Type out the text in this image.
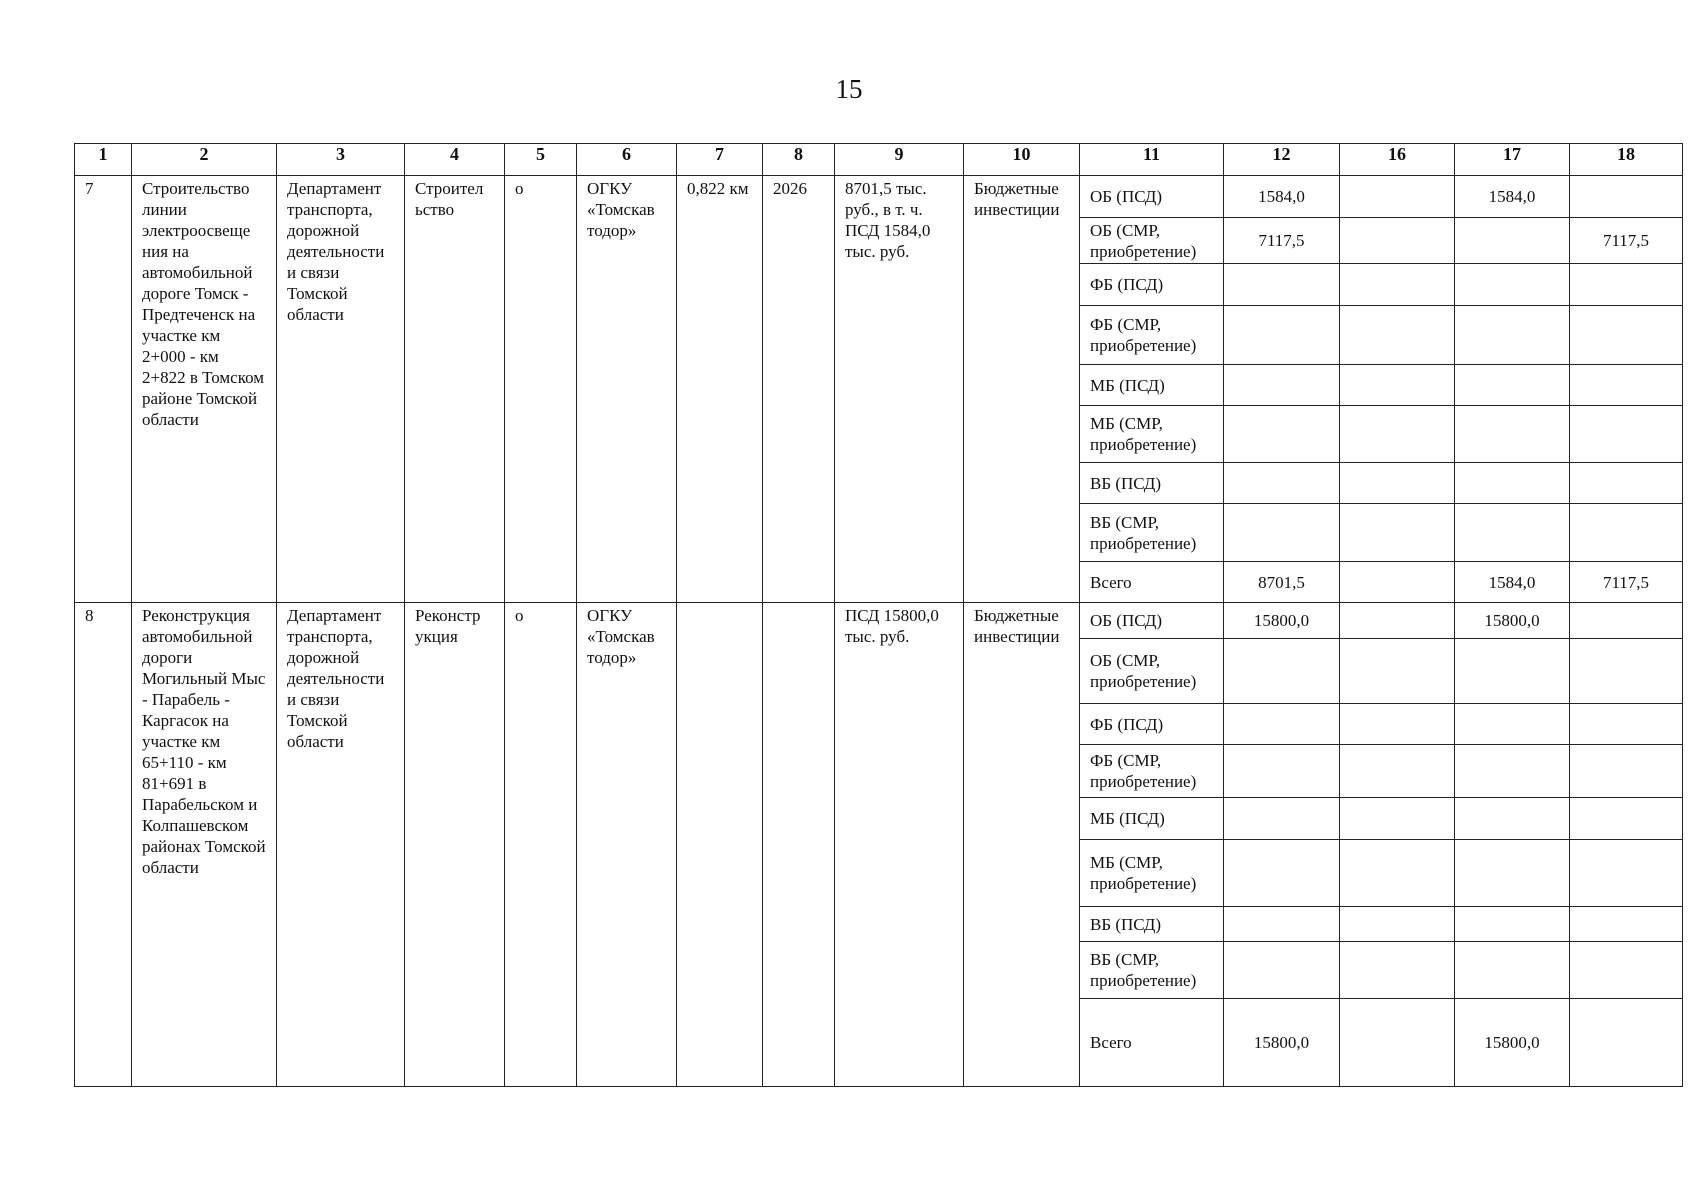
15
1	2	3	4	5	6	7	8	9	10	11	12	16	17	18
7	Строительство линии электроосвеще ния на автомобильной дороге Томск - Предтеченск на участке км 2+000 - км 2+822 в Томском районе Томской области	Департамент транспорта, дорожной деятельности и связи Томской области	Строител ьство	о	ОГКУ «Томскав тодор»	0,822 км	2026	8701,5 тыс. руб., в т. ч. ПСД 1584,0 тыс. руб.	Бюджетные инвестиции	ОБ (ПСД)	1584,0		1584,0	
										ОБ (СМР, приобретение)	7117,5			7117,5
										ФБ (ПСД)				
										ФБ (СМР, приобретение)				
										МБ (ПСД)				
										МБ (СМР, приобретение)				
										ВБ (ПСД)				
										ВБ (СМР, приобретение)				
										Всего	8701,5		1584,0	7117,5
8	Реконструкция автомобильной дороги Могильный Мыс - Парабель - Каргасок на участке км 65+110 - км 81+691 в Парабельском и Колпашевском районах Томской области	Департамент транспорта, дорожной деятельности и связи Томской области	Реконстр укция	о	ОГКУ «Томскав тодор»			ПСД 15800,0 тыс. руб.	Бюджетные инвестиции	ОБ (ПСД)	15800,0		15800,0	
										ОБ (СМР, приобретение)				
										ФБ (ПСД)				
										ФБ (СМР, приобретение)				
										МБ (ПСД)				
										МБ (СМР, приобретение)				
										ВБ (ПСД)				
										ВБ (СМР, приобретение)				
										Всего	15800,0		15800,0	
